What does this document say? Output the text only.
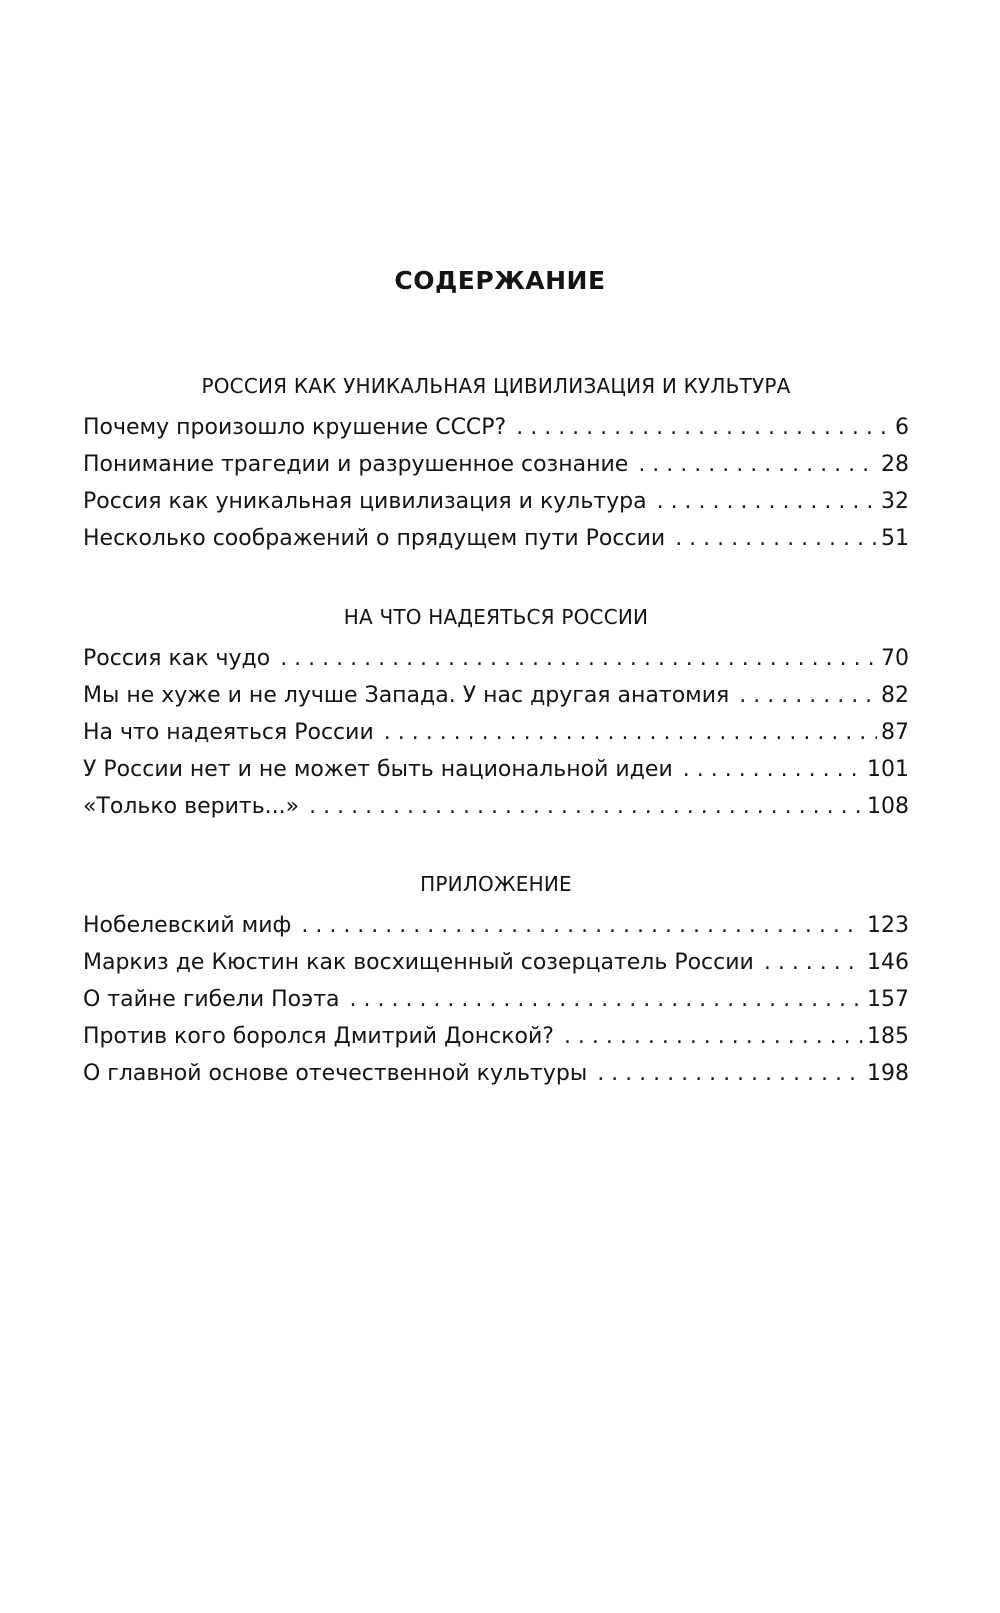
СОДЕРЖАНИЕ
РОССИЯ КАК УНИКАЛЬНАЯ ЦИВИЛИЗАЦИЯ И КУЛЬТУРА
Почему произошло крушение СССР? . . .	6
Понимание трагедии и разрушенное сознание . . .	28
Россия как уникальная цивилизация и культура . . .	32
Несколько соображений о прядущем пути России . . .	51
НА ЧТО НАДЕЯТЬСЯ РОССИИ
Россия как чудо . . .	70
Мы не хуже и не лучше Запада. У нас другая анатомия . . .	82
На что надеяться России . . .	87
У России нет и не может быть национальной идеи . . .	101
«Только верить...» . . .	108
ПРИЛОЖЕНИЕ
Нобелевский миф . . .	123
Маркиз де Кюстин как восхищенный созерцатель России . . .	146
О тайне гибели Поэта . . .	157
Против кого боролся Дмитрий Донской? . . .	185
О главной основе отечественной культуры . . .	198
